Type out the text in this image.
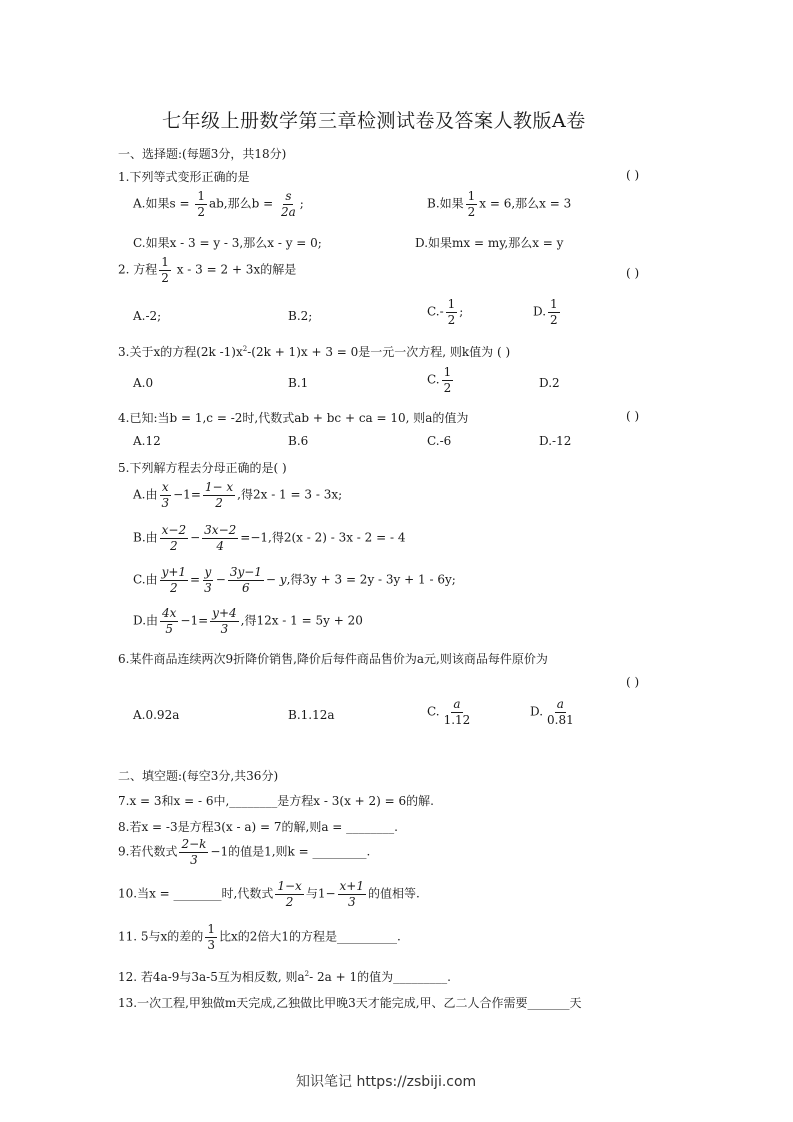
七年级上册数学第三章检测试卷及答案人教版A卷
一、选择题:(每题3分，共18分)
1.下列等式变形正确的是	( )
A.如果$s = \frac{1}{2}$ ab,那么$b = \frac{s}{2a}$ ;	B.如果 $\frac{1}{2}$ x = 6,那么x = 3
C.如果x - 3 = y - 3,那么x - y = 0;	D.如果mx = my,那么x = y
2. 方程 $\frac{1}{2}$ x - 3 = 2 + 3x的解是	( )
A.-2;	B.2;	$C.- \frac{1}{2}$ ;	D. $\frac{1}{2}$
3.关于x的方程(2k $-1)x^2-(2k + 1)x + 3 = 0$是一元一次方程, 则k值为 ( )
A.0	B.1	C. $\frac{1}{2}$	D.2
4.已知:当b = 1,c = -2时,代数式ab + bc + ca = 10, 则a的值为	( )
A.12	B.6	C.-6	D.-12
5.下列解方程去分母正确的是( )
A.由 $\frac{x}{3} -1= \frac{1- x}{2}$ ,得2x - 1 = 3 - 3x;
B.由 $\frac{x-2}{2} - \frac{3x-2}{4} =-1$,得2(x - 2) - 3x - 2 = - 4
C.由 $\frac{y+1}{2} = \frac{y}{3} - \frac{3y-1}{6} - y$,得3y + 3 = 2y - 3y + 1 - 6y;
D.由 $\frac{4x}{5} -1= \frac{y+4}{3}$ ,得12x - 1 = 5y + 20
6.某件商品连续两次9折降价销售,降价后每件商品售价为a元,则该商品每件原价为
( )
A.0.92a	B.1.12a	C. $\frac{a}{1.12}$	D. $\frac{a}{0.81}$
二、填空题:(每空3分,共36分)
7.x = 3和x = - 6中,________是方程x - 3(x + 2) = 6的解.
8.若x = -3是方程3(x - a) = 7的解,则a = ________.
9.若代数式 $\frac{2-k}{3} -1$的值是1,则k = _________.
10.当x = ________时,代数式 $\frac{1-x}{2}$ 与$1- \frac{x+1}{3}$ 的值相等.
11. 5与x的差的 $\frac{1}{3}$ 比x的2倍大1的方程是__________.
12. 若4a-9与3a-5互为相反数, 则$a^2-$ 2a + 1的值为_________.
13.一次工程,甲独做m天完成,乙独做比甲晚3天才能完成,甲、乙二人合作需要_______天
知识笔记 https://zsbiji.com
